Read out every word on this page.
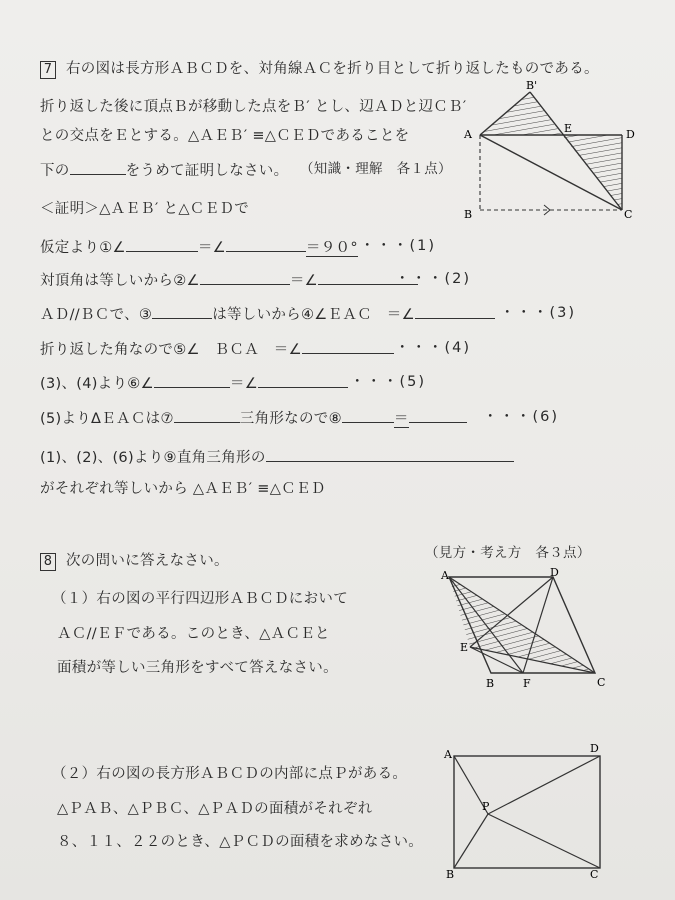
7 右の図は長方形ＡＢＣＤを、対角線ＡＣを折り目として折り返したものである。
折り返した後に頂点Ｂが移動した点をＢ′ とし、辺ＡＤと辺ＣＢ′
との交点をＥとする。△ＡＥＢ′ ≡△ＣＥＤであることを
下の	をうめて証明しなさい。 （知識・理解　各１点）
＜証明＞△ＡＥＢ′ と△ＣＥＤで
仮定より①∠	＝∠	＝９０° ・・・(1)
対頂角は等しいから②∠	＝∠	・・・(2)
ＡＤ//ＢＣで、③	は等しいから④∠ＥＡＣ　＝∠	・・・(3)
折り返した角なので⑤∠　ＢＣＡ　＝∠	・・・(4)
(3)、(4)より⑥∠	＝∠	・・・(5)
(5)よりΔＥＡＣは⑦	三角形なので⑧	＝	・・・(6)
(1)、(2)、(6)より⑨直角三角形の
がそれぞれ等しいから △ＡＥＢ′ ≡△ＣＥＤ
A
B'
E	D
B	C
8 次の問いに答えなさい。	（見方・考え方　各３点）
（１）右の図の平行四辺形ＡＢＣＤにおいて
ＡＣ//ＥＦである。このとき、△ＡＣＥと
面積が等しい三角形をすべて答えなさい。
（２）右の図の長方形ＡＢＣＤの内部に点Ｐがある。
△ＰＡＢ、△ＰＢＣ、△ＰＡＤの面積がそれぞれ
８、１１、２２のとき、△ＰＣＤの面積を求めなさい。
A	D
E
B	F	C
A	D
P
B	C
